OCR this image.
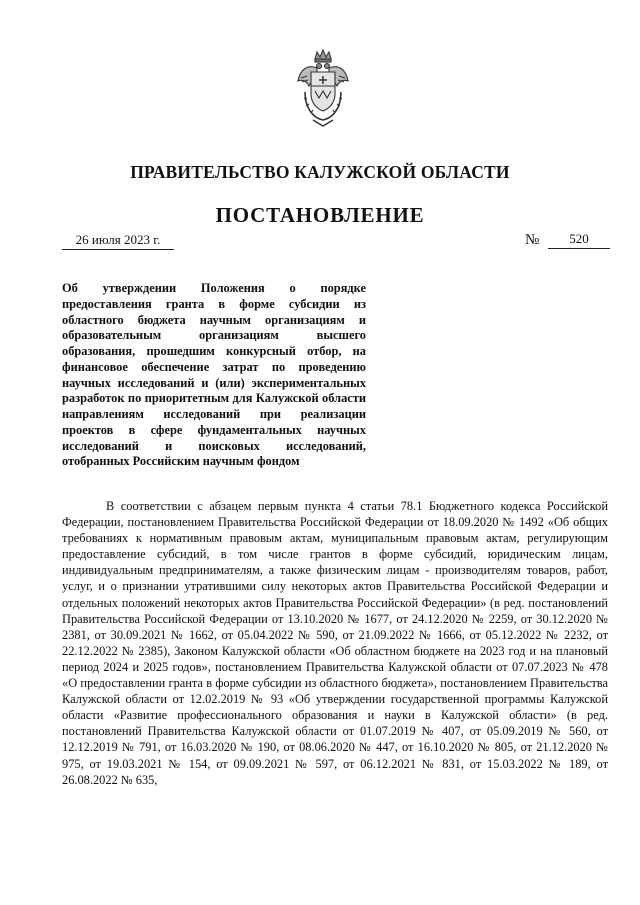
ПРАВИТЕЛЬСТВО КАЛУЖСКОЙ ОБЛАСТИ
ПОСТАНОВЛЕНИЕ
26 июля 2023 г.	№	520
Об утверждении Положения о порядке предоставления гранта в форме субсидии из областного бюджета научным организациям и образовательным организациям высшего образования, прошедшим конкурсный отбор, на финансовое обеспечение затрат по проведению научных исследований и (или) экспериментальных разработок по приоритетным для Калужской области направлениям исследований при реализации проектов в сфере фундаментальных научных исследований и поисковых исследований, отобранных Российским научным фондом

В соответствии с абзацем первым пункта 4 статьи 78.1 Бюджетного кодекса Российской Федерации, постановлением Правительства Российской Федерации от 18.09.2020 № 1492 «Об общих требованиях к нормативным правовым актам, муниципальным правовым актам, регулирующим предоставление субсидий, в том числе грантов в форме субсидий, юридическим лицам, индивидуальным предпринимателям, а также физическим лицам - производителям товаров, работ, услуг, и о признании утратившими силу некоторых актов Правительства Российской Федерации и отдельных положений некоторых актов Правительства Российской Федерации» (в ред. постановлений Правительства Российской Федерации от 13.10.2020 № 1677, от 24.12.2020 № 2259, от 30.12.2020 № 2381, от 30.09.2021 № 1662, от 05.04.2022 № 590, от 21.09.2022 № 1666, от 05.12.2022 № 2232, от 22.12.2022 № 2385), Законом Калужской области «Об областном бюджете на 2023 год и на плановый период 2024 и 2025 годов», постановлением Правительства Калужской области от 07.07.2023 № 478 «О предоставлении гранта в форме субсидии из областного бюджета», постановлением Правительства Калужской области от 12.02.2019 № 93 «Об утверждении государственной программы Калужской области «Развитие профессионального образования и науки в Калужской области» (в ред. постановлений Правительства Калужской области от 01.07.2019 № 407, от 05.09.2019 № 560, от 12.12.2019 № 791, от 16.03.2020 № 190, от 08.06.2020 № 447, от 16.10.2020 № 805, от 21.12.2020 № 975, от 19.03.2021 № 154, от 09.09.2021 № 597, от 06.12.2021 № 831, от 15.03.2022 № 189, от 26.08.2022 № 635,
